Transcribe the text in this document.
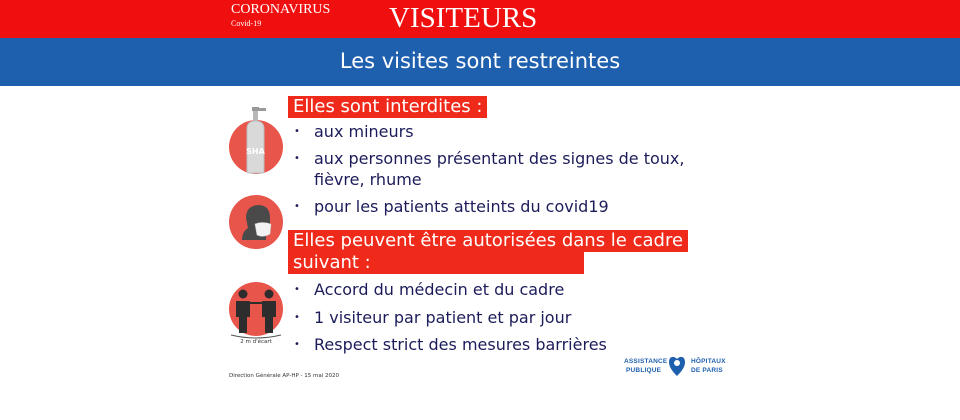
CORONAVIRUS
Covid-19	VISITEURS
Les visites sont restreintes
SHA
2 m d'écart
Elles sont interdites :
• aux mineurs
• aux personnes présentant des signes de toux,
fièvre, rhume
• pour les patients atteints du covid19
Elles peuvent être autorisées dans le cadre
suivant :
• Accord du médecin et du cadre
• 1 visiteur par patient et par jour
• Respect strict des mesures barrières
Direction Générale AP-HP - 15 mai 2020
ASSISTANCE
PUBLIQUE
HÔPITAUX
DE PARIS
